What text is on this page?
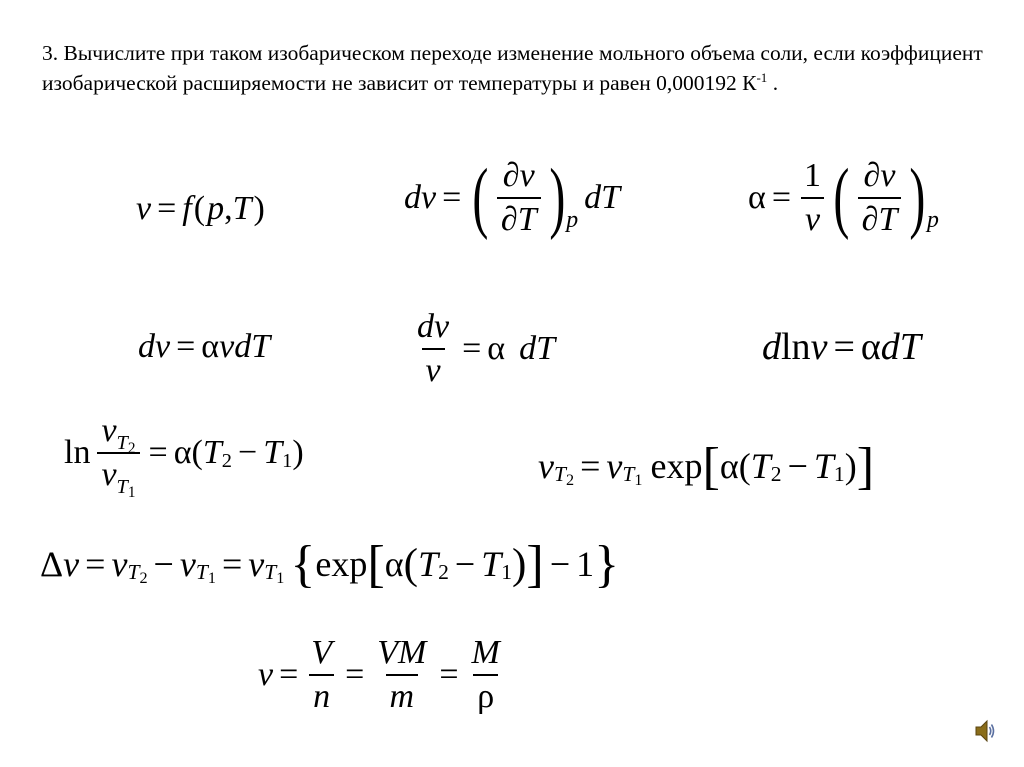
3. Вычислите при таком изобарическом переходе изменение мольного объема соли, если коэффициент изобарической расширяемости не зависит от температуры и равен 0,000192 $К^{-1}$ .
v = f ( p , T )	d v = ( $\frac{\partial v}{\partial T}$ ) p
d T	$\alpha = \frac{1}{v}$ ( $\frac{\partial v}{\partial T}$ ) p
d v = α v d T	$\frac{dv}{v} = \alpha$ d T	d ln v = α d T
$\ln \frac{v_{T2}}{v_{T1}} = \alpha$ ( T 2 − T 1 )	v T2 = v T1 exp [ α ( T 2 − T 1 ) ]
Δ v = v T2 − v T1 = v T1 { exp [ α ( T 2 − T 1 ) ] − 1 }
$v = \frac{V}{n} = \frac{VM}{m} = \frac{M}{\rho}$
